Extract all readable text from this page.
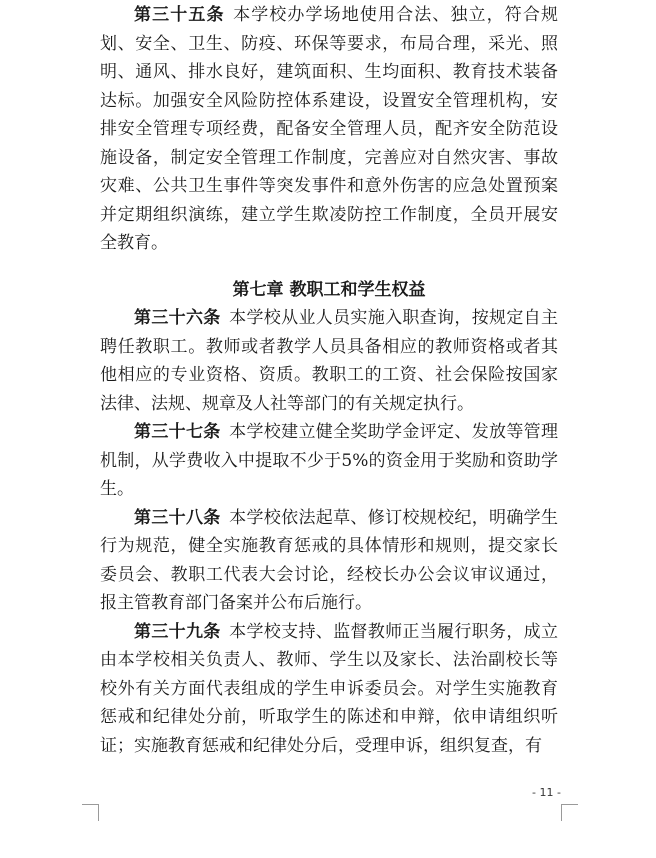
第三十五条 本学校办学场地使用合法、独立，符合规划、安全、卫生、防疫、环保等要求，布局合理，采光、照明、通风、排水良好，建筑面积、生均面积、教育技术装备达标。加强安全风险防控体系建设，设置安全管理机构，安排安全管理专项经费，配备安全管理人员，配齐安全防范设施设备，制定安全管理工作制度，完善应对自然灾害、事故灾难、公共卫生事件等突发事件和意外伤害的应急处置预案并定期组织演练，建立学生欺凌防控工作制度，全员开展安全教育。

第七章 教职工和学生权益

第三十六条 本学校从业人员实施入职查询，按规定自主聘任教职工。教师或者教学人员具备相应的教师资格或者其他相应的专业资格、资质。教职工的工资、社会保险按国家法律、法规、规章及人社等部门的有关规定执行。

第三十七条 本学校建立健全奖助学金评定、发放等管理机制，从学费收入中提取不少于5%的资金用于奖励和资助学生。

第三十八条 本学校依法起草、修订校规校纪，明确学生行为规范，健全实施教育惩戒的具体情形和规则，提交家长委员会、教职工代表大会讨论，经校长办公会议审议通过，报主管教育部门备案并公布后施行。

第三十九条 本学校支持、监督教师正当履行职务，成立由本学校相关负责人、教师、学生以及家长、法治副校长等校外有关方面代表组成的学生申诉委员会。对学生实施教育惩戒和纪律处分前，听取学生的陈述和申辩，依申请组织听证；实施教育惩戒和纪律处分后，受理申诉，组织复查，有

- 11 -
